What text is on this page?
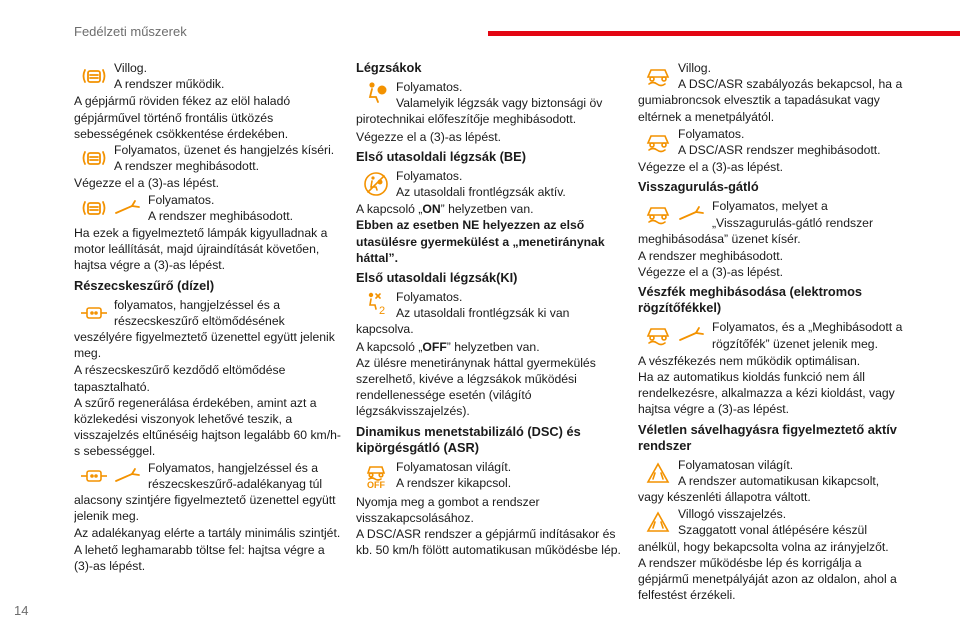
Fedélzeti műszerek
14
Villog.
A rendszer működik.

A gépjármű röviden fékez az elöl haladó gépjárművel történő frontális ütközés sebességének csökkentése érdekében.

Folyamatos, üzenet és hangjelzés kíséri.
A rendszer meghibásodott.

Végezze el a (3)-as lépést.

Folyamatos.
A rendszer meghibásodott.

Ha ezek a figyelmeztető lámpák kigyulladnak a motor leállítását, majd újraindítását követően, hajtsa végre a (3)-as lépést.

Részecskeszűrő (dízel)
folyamatos, hangjelzéssel és a részecskeszűrő eltömődésének veszélyére figyelmeztető üzenettel együtt jelenik meg.

A részecskeszűrő kezdődő eltömődése tapasztalható.
A szűrő regenerálása érdekében, amint azt a közlekedési viszonyok lehetővé teszik, a visszajelzés eltűnéséig hajtson legalább 60 km/h-s sebességgel.

Folyamatos, hangjelzéssel és a részecskeszűrő-adalékanyag túl alacsony szintjére figyelmeztető üzenettel együtt jelenik meg.

Az adalékanyag elérte a tartály minimális szintjét.
A lehető leghamarabb töltse fel: hajtsa végre a (3)-as lépést.

Légzsákok
Folyamatos.
Valamelyik légzsák vagy biztonsági öv pirotechnikai előfeszítője meghibásodott.

Végezze el a (3)-as lépést.

Első utasoldali légzsák (BE)
Folyamatos.
Az utasoldali frontlégzsák aktív.

A kapcsoló „ON” helyzetben van.

Ebben az esetben NE helyezzen az első utasülésre gyermekülést a „menetiránynak háttal”.

Első utasoldali légzsák(KI)
2
Folyamatos.
Az utasoldali frontlégzsák ki van kapcsolva.

A kapcsoló „OFF” helyzetben van.

Az ülésre menetiránynak háttal gyermekülés szerelhető, kivéve a légzsákok működési rendellenessége esetén (világító légzsákvisszajelzés).

Dinamikus menetstabilizáló (DSC) és kipörgésgátló (ASR)
OFF
Folyamatosan világít.
A rendszer kikapcsol.

Nyomja meg a gombot a rendszer visszakapcsolásához.
A DSC/ASR rendszer a gépjármű indításakor és kb. 50 km/h fölött automatikusan működésbe lép.

Villog.
A DSC/ASR szabályozás bekapcsol, ha a gumiabroncsok elvesztik a tapadásukat vagy eltérnek a menetpályától.
Folyamatos.
A DSC/ASR rendszer meghibásodott.

Végezze el a (3)-as lépést.

Visszagurulás-gátló
Folyamatos, melyet a „Visszagurulás-gátló rendszer meghibásodása” üzenet kísér.

A rendszer meghibásodott.
Végezze el a (3)-as lépést.

Vészfék meghibásodása (elektromos rögzítőfékkel)
Folyamatos, és a „Meghibásodott a rögzítőfék” üzenet jelenik meg.

A vészfékezés nem működik optimálisan.
Ha az automatikus kioldás funkció nem áll rendelkezésre, alkalmazza a kézi kioldást, vagy hajtsa végre a (3)-as lépést.

Véletlen sávelhagyásra figyelmeztető aktív rendszer
Folyamatosan világít.
A rendszer automatikusan kikapcsolt, vagy készenléti állapotra váltott.
Villogó visszajelzés.
Szaggatott vonal átlépésére készül anélkül, hogy bekapcsolta volna az irányjelzőt.
A rendszer működésbe lép és korrigálja a gépjármű menetpályáját azon az oldalon, ahol a felfestést érzékeli.
